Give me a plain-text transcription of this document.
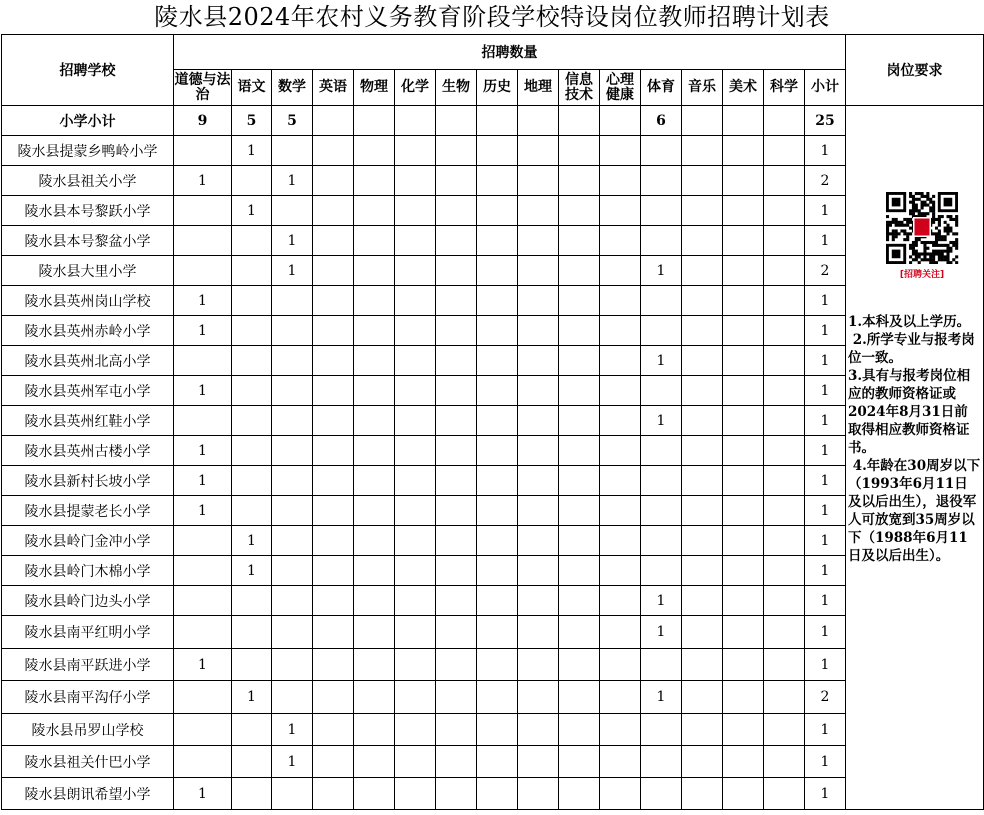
陵水县2024年农村义务教育阶段学校特设岗位教师招聘计划表
招聘学校	招聘数量																岗位要求
	道德与法治	语文	数学	英语	物理	化学	生物	历史	地理	信息技术	心理健康	体育	音乐	美术	科学	小计	
小学小计	9	5	5									6				25	[招聘关注]
1.本科及以上学历。
2.所学专业与报考岗位一致。
3.具有与报考岗位相应的教师资格证或2024年8月31日前取得相应教师资格证书。
4.年龄在30周岁以下（1993年6月11日及以后出生），退役军人可放宽到35周岁以下（1988年6月11日及以后出生）。

陵水县提蒙乡鸭岭小学		1														1	
陵水县祖关小学	1		1													2	
陵水县本号黎跃小学		1														1	
陵水县本号黎盆小学			1													1	
陵水县大里小学			1									1				2	
陵水县英州岗山学校	1															1	
陵水县英州赤岭小学	1															1	
陵水县英州北高小学												1				1	
陵水县英州军屯小学	1															1	
陵水县英州红鞋小学												1				1	
陵水县英州古楼小学	1															1	
陵水县新村长坡小学	1															1	
陵水县提蒙老长小学	1															1	
陵水县岭门金冲小学		1														1	
陵水县岭门木棉小学		1														1	
陵水县岭门边头小学												1				1	
陵水县南平红明小学												1				1	
陵水县南平跃进小学	1															1	
陵水县南平沟仔小学		1										1				2	
陵水县吊罗山学校			1													1	
陵水县祖关什巴小学			1													1	
陵水县朗讯希望小学	1															1	
